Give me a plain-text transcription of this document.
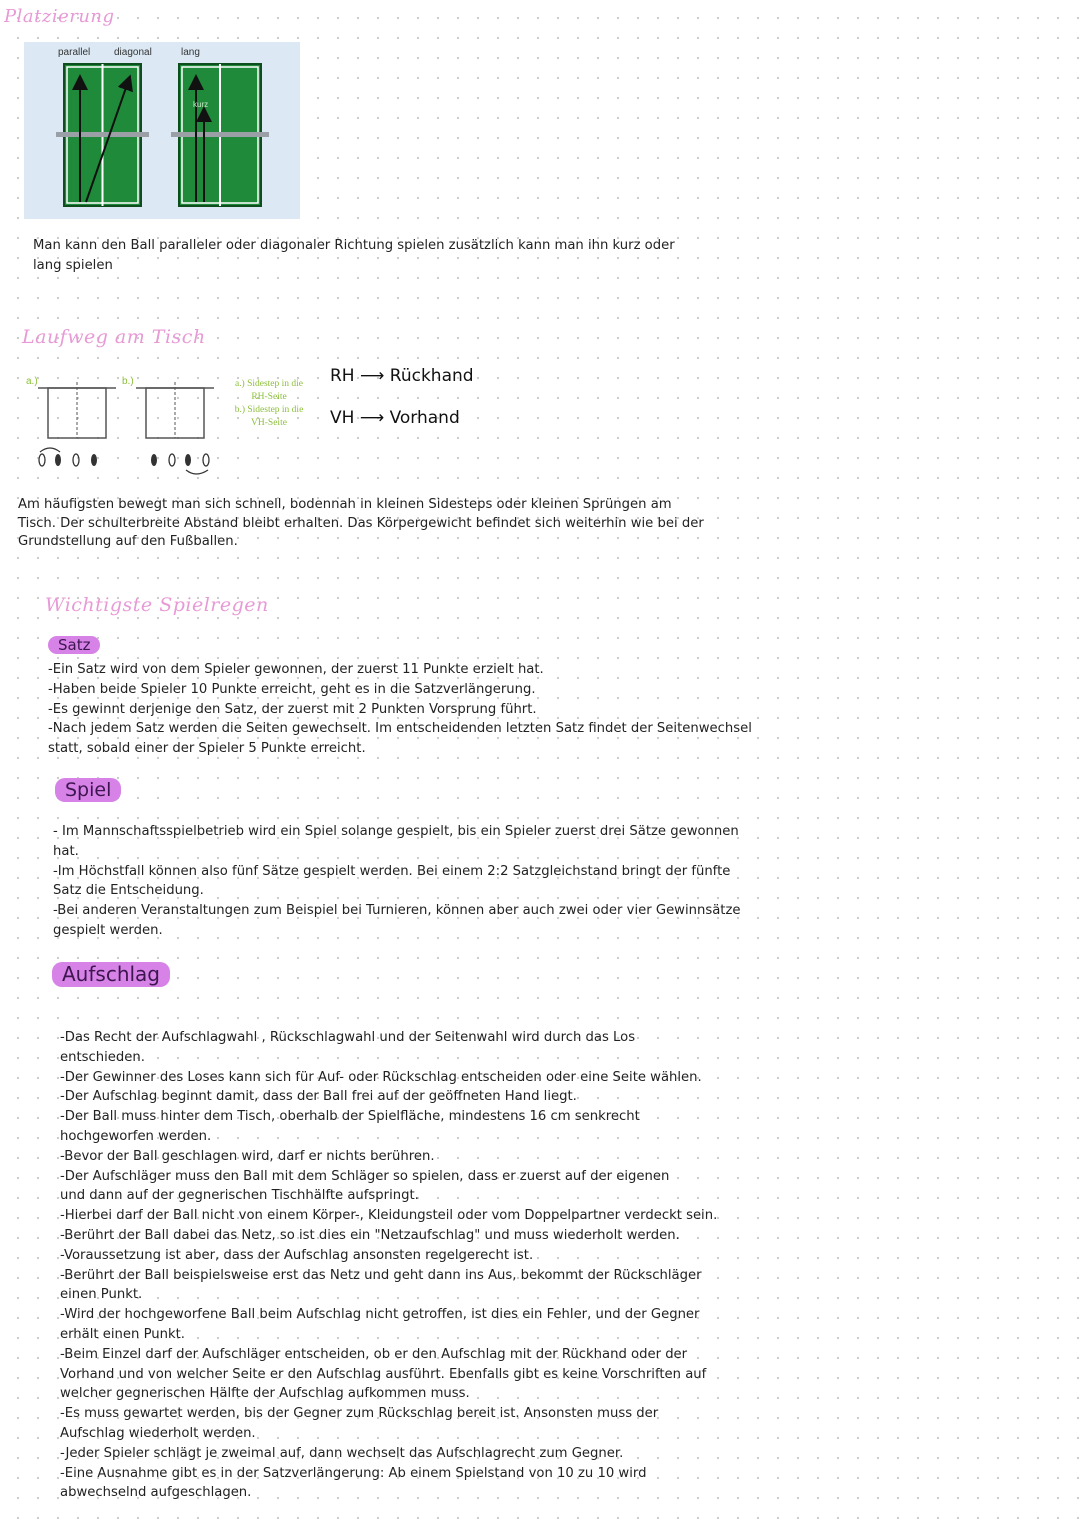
Platzierung
parallel diagonal	lang
kurz

Man kann den Ball paralleler oder diagonaler Richtung spielen zusätzlich kann man ihn kurz oder

lang spielen

Laufweg am Tisch
a.)	b.)	a.) Sidestep in die
RH-Seite
b.) Sidestep in die
VH-Seite
RH ⟶ Rückhand
VH ⟶ Vorhand

Am häufigsten bewegt man sich schnell, bodennah in kleinen Sidesteps oder kleinen Sprüngen am

Tisch. Der schulterbreite Abstand bleibt erhalten. Das Körpergewicht befindet sich weiterhin wie bei der

Grundstellung auf den Fußballen.

Wichtigste Spielregen
Satz

-Ein Satz wird von dem Spieler gewonnen, der zuerst 11 Punkte erzielt hat.

-Haben beide Spieler 10 Punkte erreicht, geht es in die Satzverlängerung.

-Es gewinnt derjenige den Satz, der zuerst mit 2 Punkten Vorsprung führt.

-Nach jedem Satz werden die Seiten gewechselt. Im entscheidenden letzten Satz findet der Seitenwechsel

statt, sobald einer der Spieler 5 Punkte erreicht.

Spiel

- Im Mannschaftsspielbetrieb wird ein Spiel solange gespielt, bis ein Spieler zuerst drei Sätze gewonnen

hat.

-Im Höchstfall können also fünf Sätze gespielt werden. Bei einem 2:2 Satzgleichstand bringt der fünfte

Satz die Entscheidung.

-Bei anderen Veranstaltungen zum Beispiel bei Turnieren, können aber auch zwei oder vier Gewinnsätze

gespielt werden.

Aufschlag

-Das Recht der Aufschlagwahl , Rückschlagwahl und der Seitenwahl wird durch das Los

entschieden.

-Der Gewinner des Loses kann sich für Auf- oder Rückschlag entscheiden oder eine Seite wählen.

-Der Aufschlag beginnt damit, dass der Ball frei auf der geöffneten Hand liegt.

-Der Ball muss hinter dem Tisch, oberhalb der Spielfläche, mindestens 16 cm senkrecht

hochgeworfen werden.

-Bevor der Ball geschlagen wird, darf er nichts berühren.

-Der Aufschläger muss den Ball mit dem Schläger so spielen, dass er zuerst auf der eigenen

und dann auf der gegnerischen Tischhälfte aufspringt.

-Hierbei darf der Ball nicht von einem Körper-, Kleidungsteil oder vom Doppelpartner verdeckt sein.

-Berührt der Ball dabei das Netz, so ist dies ein "Netzaufschlag" und muss wiederholt werden.

-Voraussetzung ist aber, dass der Aufschlag ansonsten regelgerecht ist.

-Berührt der Ball beispielsweise erst das Netz und geht dann ins Aus, bekommt der Rückschläger

einen Punkt.

-Wird der hochgeworfene Ball beim Aufschlag nicht getroffen, ist dies ein Fehler, und der Gegner

erhält einen Punkt.

-Beim Einzel darf der Aufschläger entscheiden, ob er den Aufschlag mit der Rückhand oder der

Vorhand und von welcher Seite er den Aufschlag ausführt. Ebenfalls gibt es keine Vorschriften auf

welcher gegnerischen Hälfte der Aufschlag aufkommen muss.

-Es muss gewartet werden, bis der Gegner zum Rückschlag bereit ist. Ansonsten muss der

Aufschlag wiederholt werden.

-Jeder Spieler schlägt je zweimal auf, dann wechselt das Aufschlagrecht zum Gegner.

-Eine Ausnahme gibt es in der Satzverlängerung: Ab einem Spielstand von 10 zu 10 wird

abwechselnd aufgeschlagen.
